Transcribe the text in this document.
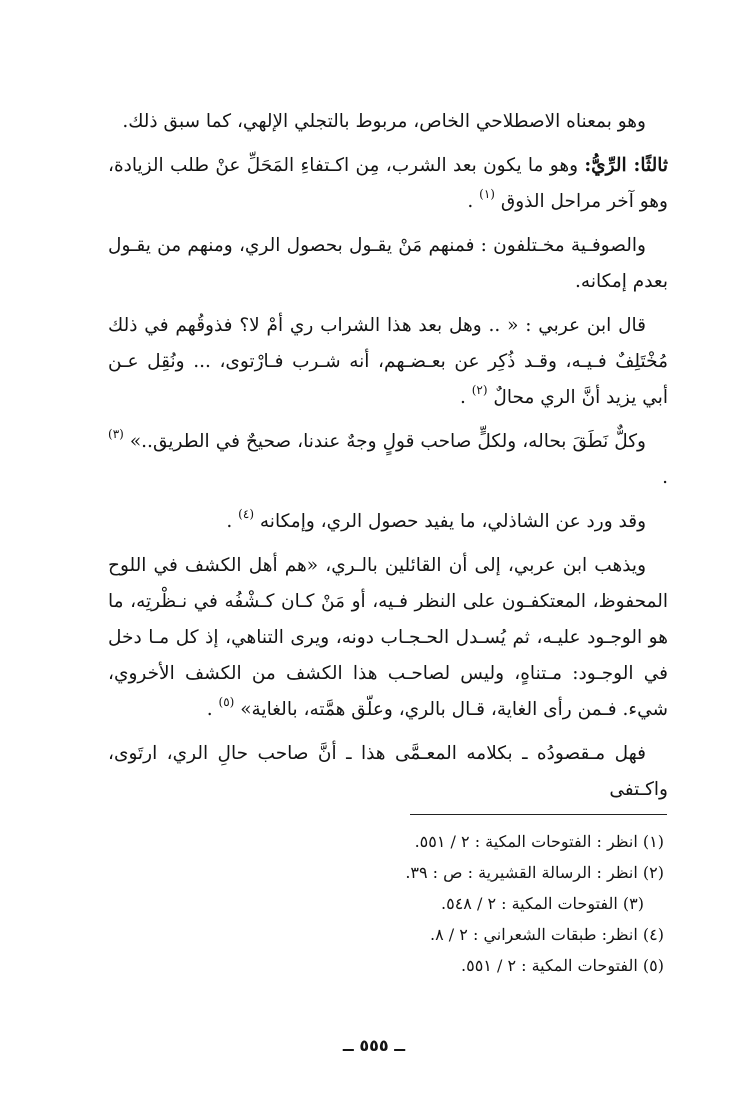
وهو بمعناه الاصطلاحي الخاص، مربوط بالتجلي الإلهي، كما سبق ذلك.

ثالثًا: الرِّيُّ: وهو ما يكون بعد الشرب، مِن اكـتفاءِ المَحَلِّ عنْ طلب الزيادة، وهو آخر مراحل الذوق $^{(١)}$ .

والصوفـية مخـتلفون : فمنهم مَنْ يقـول بحصول الري، ومنهم من يقـول بعدم إمكانه.

قال ابن عربي : « .. وهل بعد هذا الشراب ري أمْ لا؟ فذوقُهم في ذلك مُخْتَلِفٌ فـيـه، وقـد ذُكِر عن بعـضـهم، أنه شـرب فـارْتوى، ... ونُقِل عـن أبي يزيد أنَّ الري محالٌ $^{(٢)}$ .

وكلٌّ نَطَقَ بحاله، ولكلٍّ صاحب قولٍ وجهٌ عندنا، صحيحٌ في الطريق..» $^{(٣)}$ .

وقد ورد عن الشاذلي، ما يفيد حصول الري، وإمكانه $^{(٤)}$ .

ويذهب ابن عربي، إلى أن القائلين بالـري، «هم أهل الكشف في اللوح المحفوظ، المعتكفـون على النظر فـيه، أو مَنْ كـان كـشْفُه في نـظْرتِه، ما هو الوجـود عليـه، ثم يُسـدل الحـجـاب دونه، ويرى التناهي، إذ كل مـا دخل في الوجـود: مـتناهٍ، وليس لصاحـب هذا الكشف من الكشف الأخروي، شيء. فـمن رأى الغاية، قـال بالري، وعلّق همَّته، بالغاية» $^{(٥)}$ .

فهل مـقصودُه ـ بكلامه المعـمَّى هذا ـ أنَّ صاحب حالِ الري، ارتَوى، واكـتفى

(١) انظر : الفتوحات المكية : ٢ / ٥٥١.

(٢) انظر : الرسالة القشيرية : ص : ٣٩.

(٣) الفتوحات المكية : ٢ / ٥٤٨.

(٤) انظر: طبقات الشعراني : ٢ / ٨.

(٥) الفتوحات المكية : ٢ / ٥٥١.

ــ ٥٥٥ ــ
